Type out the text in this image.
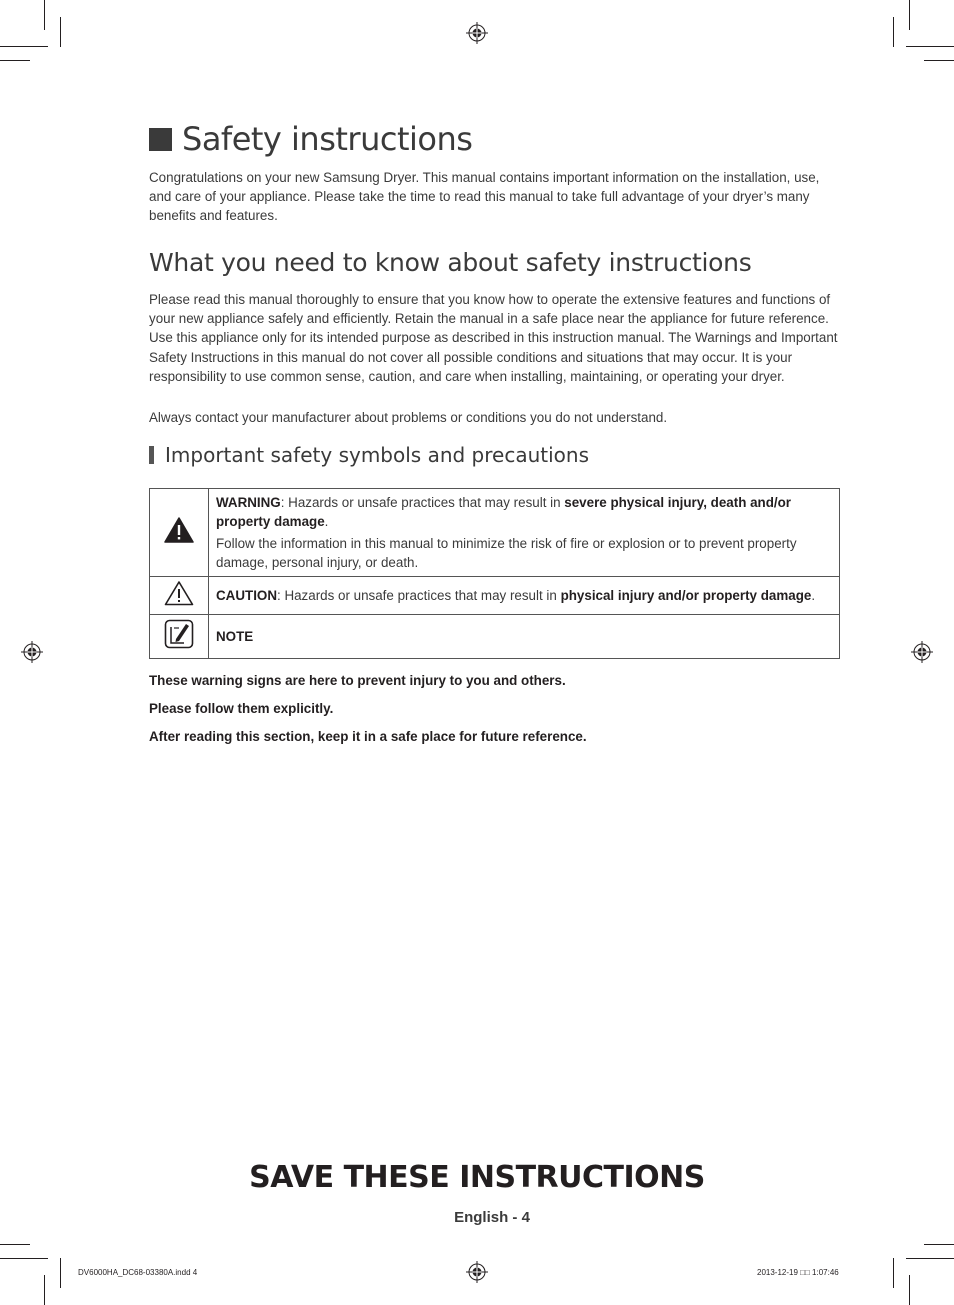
Safety instructions

Congratulations on your new Samsung Dryer. This manual contains important information on the installation, use, and care of your appliance. Please take the time to read this manual to take full advantage of your dryer’s many benefits and features.

What you need to know about safety instructions

Please read this manual thoroughly to ensure that you know how to operate the extensive features and functions of your new appliance safely and efficiently. Retain the manual in a safe place near the appliance for future reference. Use this appliance only for its intended purpose as described in this instruction manual. The Warnings and Important Safety Instructions in this manual do not cover all possible conditions and situations that may occur. It is your responsibility to use common sense, caution, and care when installing, maintaining, or operating your dryer.

Always contact your manufacturer about problems or conditions you do not understand.

Important safety symbols and precautions

WARNING: Hazards or unsafe practices that may result in severe physical injury, death and/or property damage.

Follow the information in this manual to minimize the risk of fire or explosion or to prevent property damage, personal injury, or death.

CAUTION: Hazards or unsafe practices that may result in physical injury and/or property damage.

NOTE

These warning signs are here to prevent injury to you and others.
Please follow them explicitly.
After reading this section, keep it in a safe place for future reference.
SAVE THESE INSTRUCTIONS
English - 4
DV6000HA_DC68-03380A.indd 4	2013-12-19 □□ 1:07:46
